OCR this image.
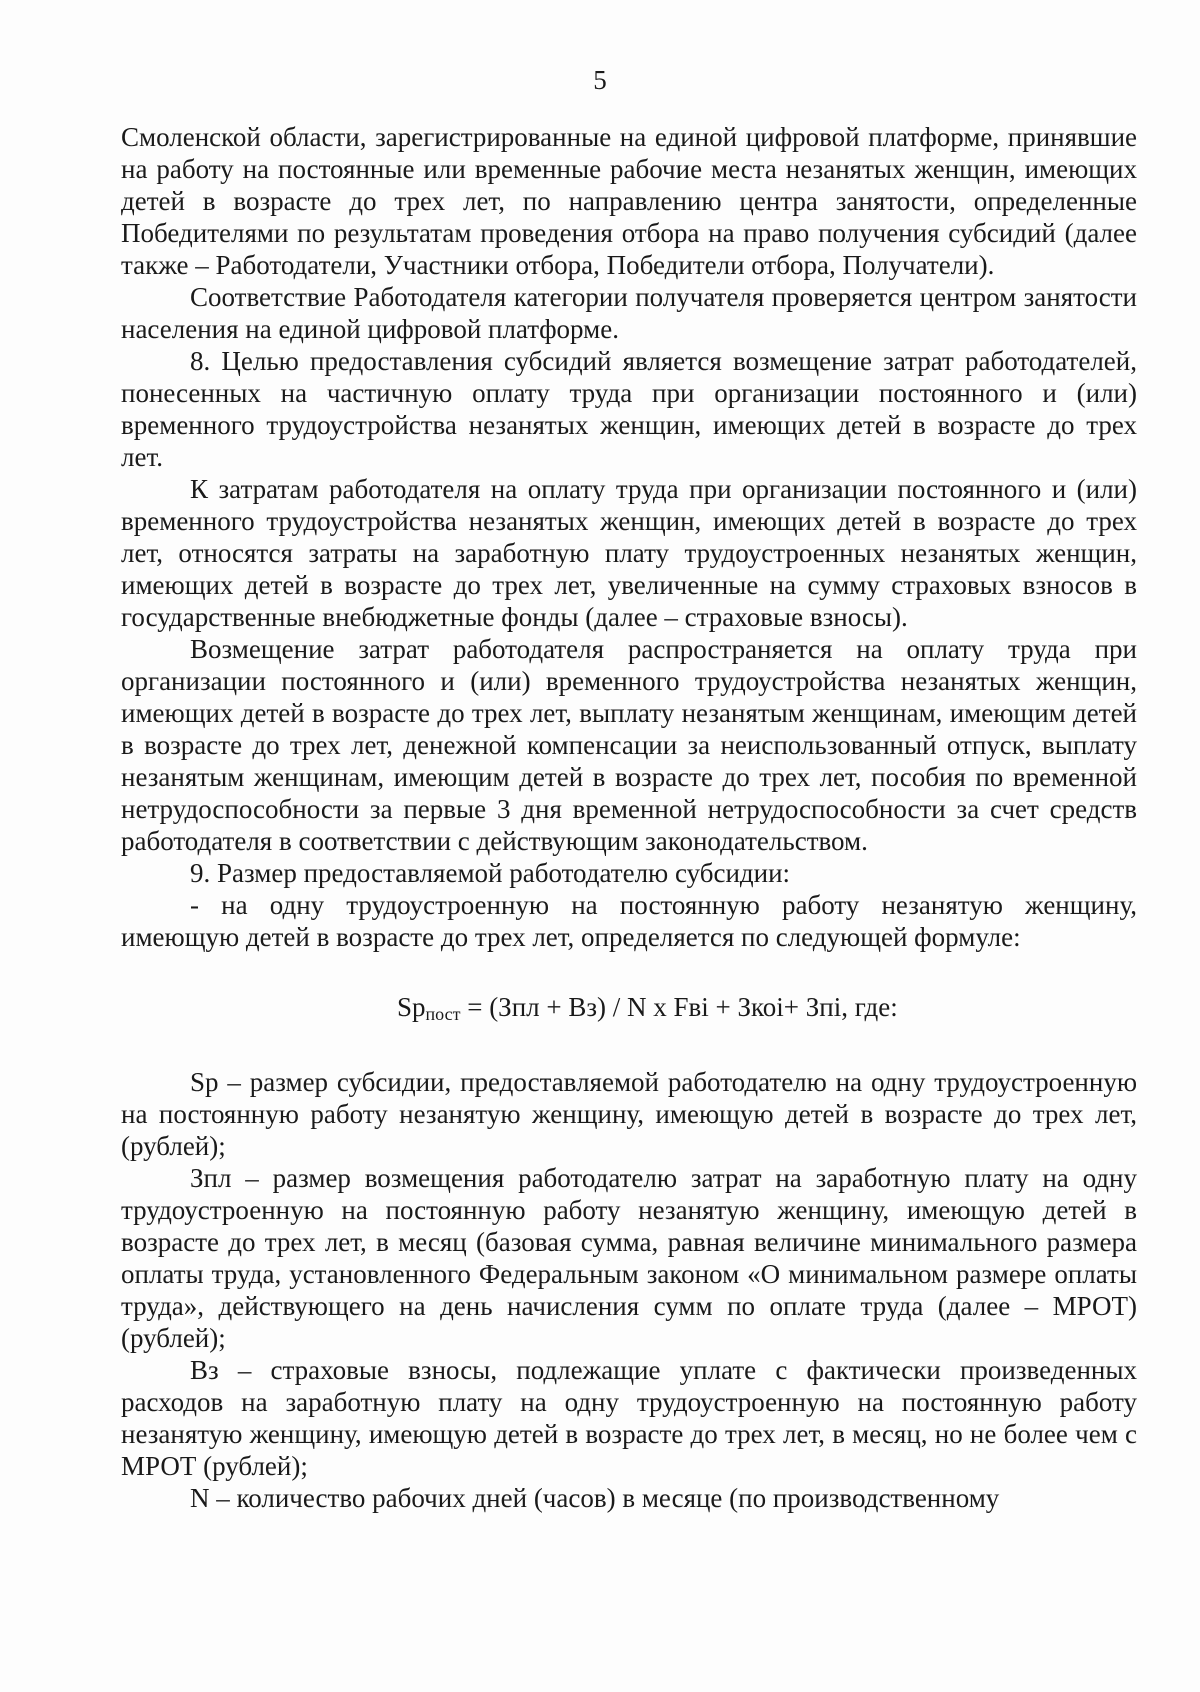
5

Смоленской области, зарегистрированные на единой цифровой платформе, принявшие на работу на постоянные или временные рабочие места незанятых женщин, имеющих детей в возрасте до трех лет, по направлению центра занятости, определенные Победителями по результатам проведения отбора на право получения субсидий (далее также – Работодатели, Участники отбора, Победители отбора, Получатели).

Соответствие Работодателя категории получателя проверяется центром занятости населения на единой цифровой платформе.

8. Целью предоставления субсидий является возмещение затрат работодателей, понесенных на частичную оплату труда при организации постоянного и (или) временного трудоустройства незанятых женщин, имеющих детей в возрасте до трех лет.

К затратам работодателя на оплату труда при организации постоянного и (или) временного трудоустройства незанятых женщин, имеющих детей в возрасте до трех лет, относятся затраты на заработную плату трудоустроенных незанятых женщин, имеющих детей в возрасте до трех лет, увеличенные на сумму страховых взносов в государственные внебюджетные фонды (далее – страховые взносы).

Возмещение затрат работодателя распространяется на оплату труда при организации постоянного и (или) временного трудоустройства незанятых женщин, имеющих детей в возрасте до трех лет, выплату незанятым женщинам, имеющим детей в возрасте до трех лет, денежной компенсации за неиспользованный отпуск, выплату незанятым женщинам, имеющим детей в возрасте до трех лет, пособия по временной нетрудоспособности за первые 3 дня временной нетрудоспособности за счет средств работодателя в соответствии с действующим законодательством.

9. Размер предоставляемой работодателю субсидии:

- на одну трудоустроенную на постоянную работу незанятую женщину, имеющую детей в возрасте до трех лет, определяется по следующей формуле:

$Sp_{пост} = (Зпл + Вз) / N$ x Fвi + Зкоi+ Зпi, где:

Sp – размер субсидии, предоставляемой работодателю на одну трудоустроенную на постоянную работу незанятую женщину, имеющую детей в возрасте до трех лет, (рублей);

Зпл – размер возмещения работодателю затрат на заработную плату на одну трудоустроенную на постоянную работу незанятую женщину, имеющую детей в возрасте до трех лет, в месяц (базовая сумма, равная величине минимального размера оплаты труда, установленного Федеральным законом «О минимальном размере оплаты труда», действующего на день начисления сумм по оплате труда (далее – МРОТ) (рублей);

Вз – страховые взносы, подлежащие уплате с фактически произведенных расходов на заработную плату на одну трудоустроенную на постоянную работу незанятую женщину, имеющую детей в возрасте до трех лет, в месяц, но не более чем с МРОТ (рублей);

N – количество рабочих дней (часов) в месяце (по производственному
